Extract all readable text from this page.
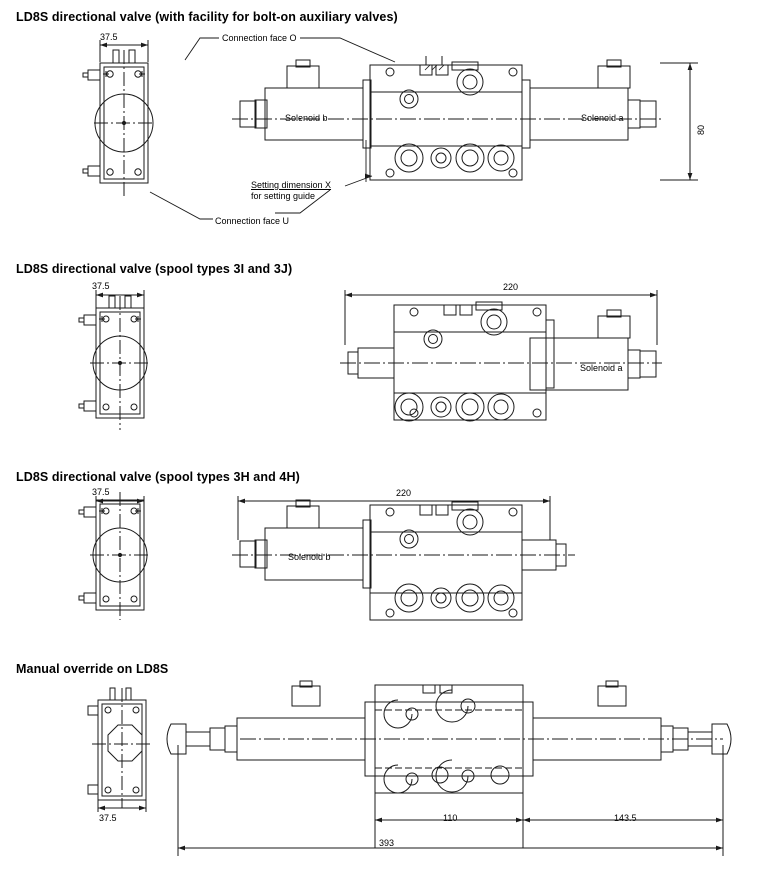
LD8S directional valve (with facility for bolt-on auxiliary valves)
37.5	Connection face O
Connection face U
Setting dimension X
for setting guide
Solenoid b	Solenoid a
80
LD8S directional valve (spool types 3I and 3J)
37.5	220
Solenoid a
LD8S directional valve (spool types 3H and 4H)
37.5	220
Solenoid b
Manual override on LD8S
37.5	110	143.5
393
